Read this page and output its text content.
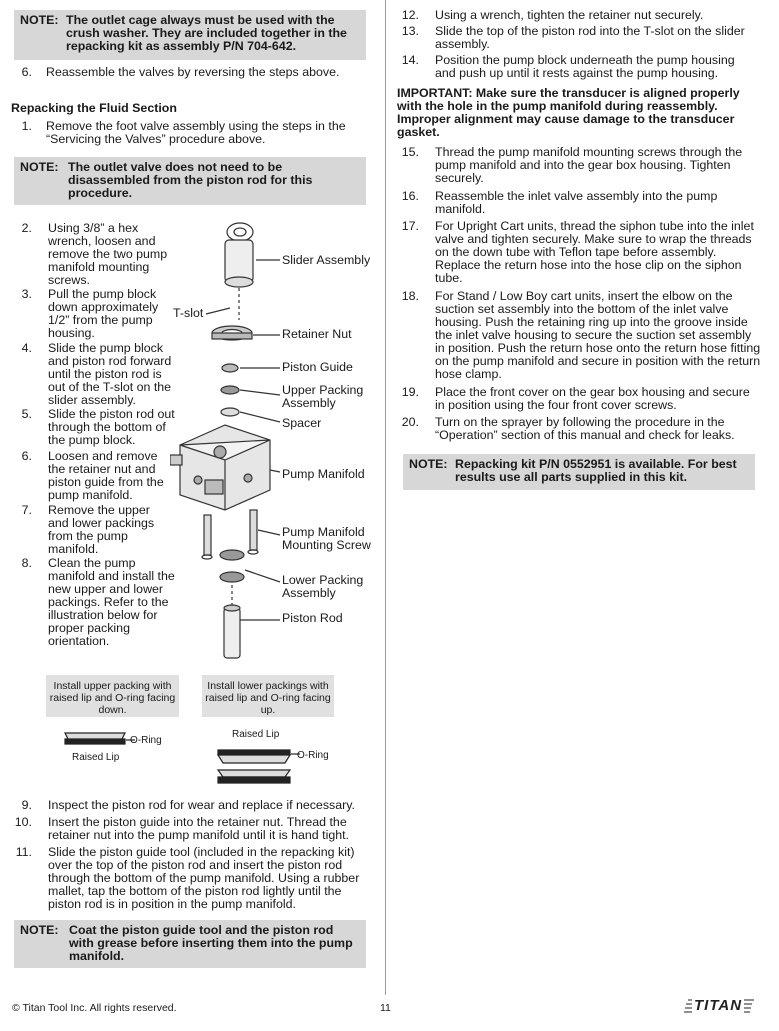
NOTE: The outlet cage always must be used with the crush washer. They are included together in the repacking kit as assembly P/N 704-642.
6. Reassemble the valves by reversing the steps above.
Repacking the Fluid Section
1. Remove the foot valve assembly using the steps in the “Servicing the Valves” procedure above.
NOTE: The outlet valve does not need to be disassembled from the piston rod for this procedure.
2. Using 3/8” a hex wrench, loosen and remove the two pump manifold mounting screws.
3. Pull the pump block down approximately 1/2” from the pump housing.
4. Slide the pump block and piston rod forward until the piston rod is out of the T-slot on the slider assembly.
5. Slide the piston rod out through the bottom of the pump block.
6. Loosen and remove the retainer nut and piston guide from the pump manifold.
7. Remove the upper and lower packings from the pump manifold.
8. Clean the pump manifold and install the new upper and lower packings. Refer to the illustration below for proper packing orientation.
Slider Assembly
T-slot
Retainer Nut
Piston Guide
Upper Packing Assembly
Spacer
Pump Manifold
Pump Manifold Mounting Screw
Lower Packing Assembly
Piston Rod
Install upper packing with raised lip and O-ring facing down.
Install lower packings with raised lip and O-ring facing up.
O-Ring
Raised Lip
Raised Lip
O-Ring
9. Inspect the piston rod for wear and replace if necessary.
10. Insert the piston guide into the retainer nut. Thread the retainer nut into the pump manifold until it is hand tight.
11. Slide the piston guide tool (included in the repacking kit) over the top of the piston rod and insert the piston rod through the bottom of the pump manifold. Using a rubber mallet, tap the bottom of the piston rod lightly until the piston rod is in position in the pump manifold.
NOTE: Coat the piston guide tool and the piston rod with grease before inserting them into the pump manifold.
12. Using a wrench, tighten the retainer nut securely.
13. Slide the top of the piston rod into the T-slot on the slider assembly.
14. Position the pump block underneath the pump housing and push up until it rests against the pump housing.
IMPORTANT: Make sure the transducer is aligned properly with the hole in the pump manifold during reassembly. Improper alignment may cause damage to the transducer gasket.
15. Thread the pump manifold mounting screws through the pump manifold and into the gear box housing. Tighten securely.
16. Reassemble the inlet valve assembly into the pump manifold.
17. For Upright Cart units, thread the siphon tube into the inlet valve and tighten securely. Make sure to wrap the threads on the down tube with Teflon tape before assembly. Replace the return hose into the hose clip on the siphon tube.
18. For Stand / Low Boy cart units, insert the elbow on the suction set assembly into the bottom of the inlet valve housing. Push the retaining ring up into the groove inside the inlet valve housing to secure the suction set assembly in position. Push the return hose onto the return hose fitting on the pump manifold and secure in position with the return hose clamp.
19. Place the front cover on the gear box housing and secure in position using the four front cover screws.
20. Turn on the sprayer by following the procedure in the “Operation” section of this manual and check for leaks.
NOTE: Repacking kit P/N 0552951 is available. For best results use all parts supplied in this kit.
© Titan Tool Inc. All rights reserved.	11	TITAN
